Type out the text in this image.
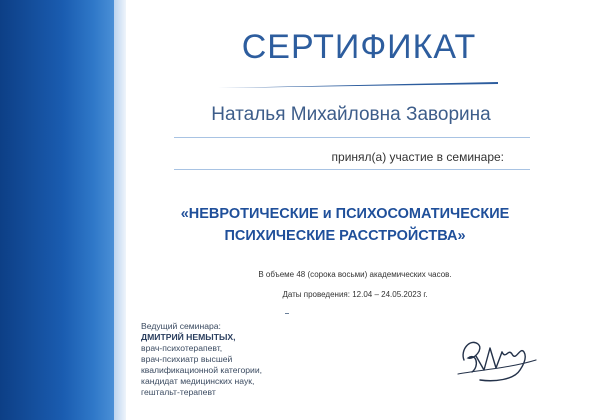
СЕРТИФИКАТ
Наталья Михайловна Заворина
принял(а) участие в семинаре:
«НЕВРОТИЧЕСКИЕ и ПСИХОСОМАТИЧЕСКИЕ
ПСИХИЧЕСКИЕ РАССТРОЙСТВА»
В объеме 48 (сорока восьми) академических часов.
Даты проведения: 12.04 – 24.05.2023 г.
Ведущий семинара:
ДМИТРИЙ НЕМЫТЫХ,
врач-психотерапевт,
врач-психиатр высшей
квалификационной категории,
кандидат медицинских наук,
гештальт-терапевт
